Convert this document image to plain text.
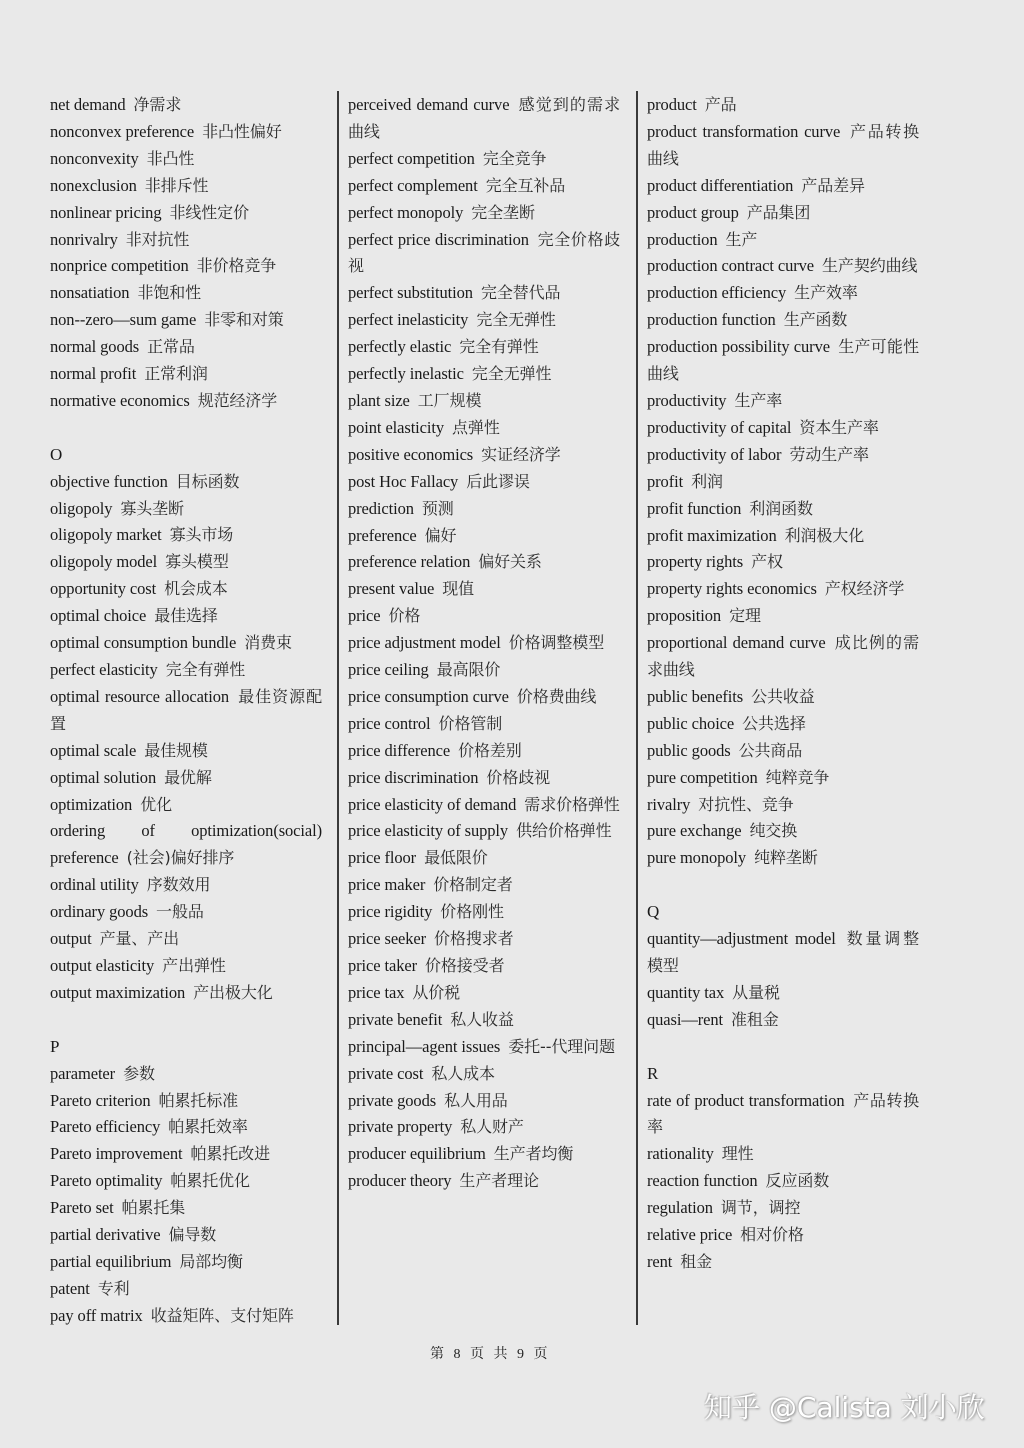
net demand 净需求
nonconvex preference 非凸性偏好
nonconvexity 非凸性
nonexclusion 非排斥性
nonlinear pricing 非线性定价
nonrivalry 非对抗性
nonprice competition 非价格竞争
nonsatiation 非饱和性
non--zero—sum game 非零和对策
normal goods 正常品
normal profit 正常利润
normative economics 规范经济学
O
objective function 目标函数
oligopoly 寡头垄断
oligopoly market 寡头市场
oligopoly model 寡头模型
opportunity cost 机会成本
optimal choice 最佳选择
optimal consumption bundle 消费束
perfect elasticity 完全有弹性
optimal resource allocation 最佳资源配置
optimal scale 最佳规模
optimal solution 最优解
optimization 优化
ordering of optimization(social) preference (社会)偏好排序
ordinal utility 序数效用
ordinary goods 一般品
output 产量、产出
output elasticity 产出弹性
output maximization 产出极大化
P
parameter 参数
Pareto criterion 帕累托标准
Pareto efficiency 帕累托效率
Pareto improvement 帕累托改进
Pareto optimality 帕累托优化
Pareto set 帕累托集
partial derivative 偏导数
partial equilibrium 局部均衡
patent 专利
pay off matrix 收益矩阵、支付矩阵
perceived demand curve 感觉到的需求曲线
perfect competition 完全竞争
perfect complement 完全互补品
perfect monopoly 完全垄断
perfect price discrimination 完全价格歧视
perfect substitution 完全替代品
perfect inelasticity 完全无弹性
perfectly elastic 完全有弹性
perfectly inelastic 完全无弹性
plant size 工厂规模
point elasticity 点弹性
positive economics 实证经济学
post Hoc Fallacy 后此谬误
prediction 预测
preference 偏好
preference relation 偏好关系
present value 现值
price 价格
price adjustment model 价格调整模型
price ceiling 最高限价
price consumption curve 价格费曲线
price control 价格管制
price difference 价格差别
price discrimination 价格歧视
price elasticity of demand 需求价格弹性
price elasticity of supply 供给价格弹性
price floor 最低限价
price maker 价格制定者
price rigidity 价格刚性
price seeker 价格搜求者
price taker 价格接受者
price tax 从价税
private benefit 私人收益
principal—agent issues 委托--代理问题
private cost 私人成本
private goods 私人用品
private property 私人财产
producer equilibrium 生产者均衡
producer theory 生产者理论
product 产品
product transformation curve 产品转换曲线
product differentiation 产品差异
product group 产品集团
production 生产
production contract curve 生产契约曲线
production efficiency 生产效率
production function 生产函数
production possibility curve 生产可能性曲线
productivity 生产率
productivity of capital 资本生产率
productivity of labor 劳动生产率
profit 利润
profit function 利润函数
profit maximization 利润极大化
property rights 产权
property rights economics 产权经济学
proposition 定理
proportional demand curve 成比例的需求曲线
public benefits 公共收益
public choice 公共选择
public goods 公共商品
pure competition 纯粹竞争
rivalry 对抗性、竞争
pure exchange 纯交换
pure monopoly 纯粹垄断
Q
quantity—adjustment model 数量调整模型
quantity tax 从量税
quasi—rent 准租金
R
rate of product transformation 产品转换率
rationality 理性
reaction function 反应函数
regulation 调节，调控
relative price 相对价格
rent 租金
第 8 页 共 9 页
知乎 @Calista 刘小欣
